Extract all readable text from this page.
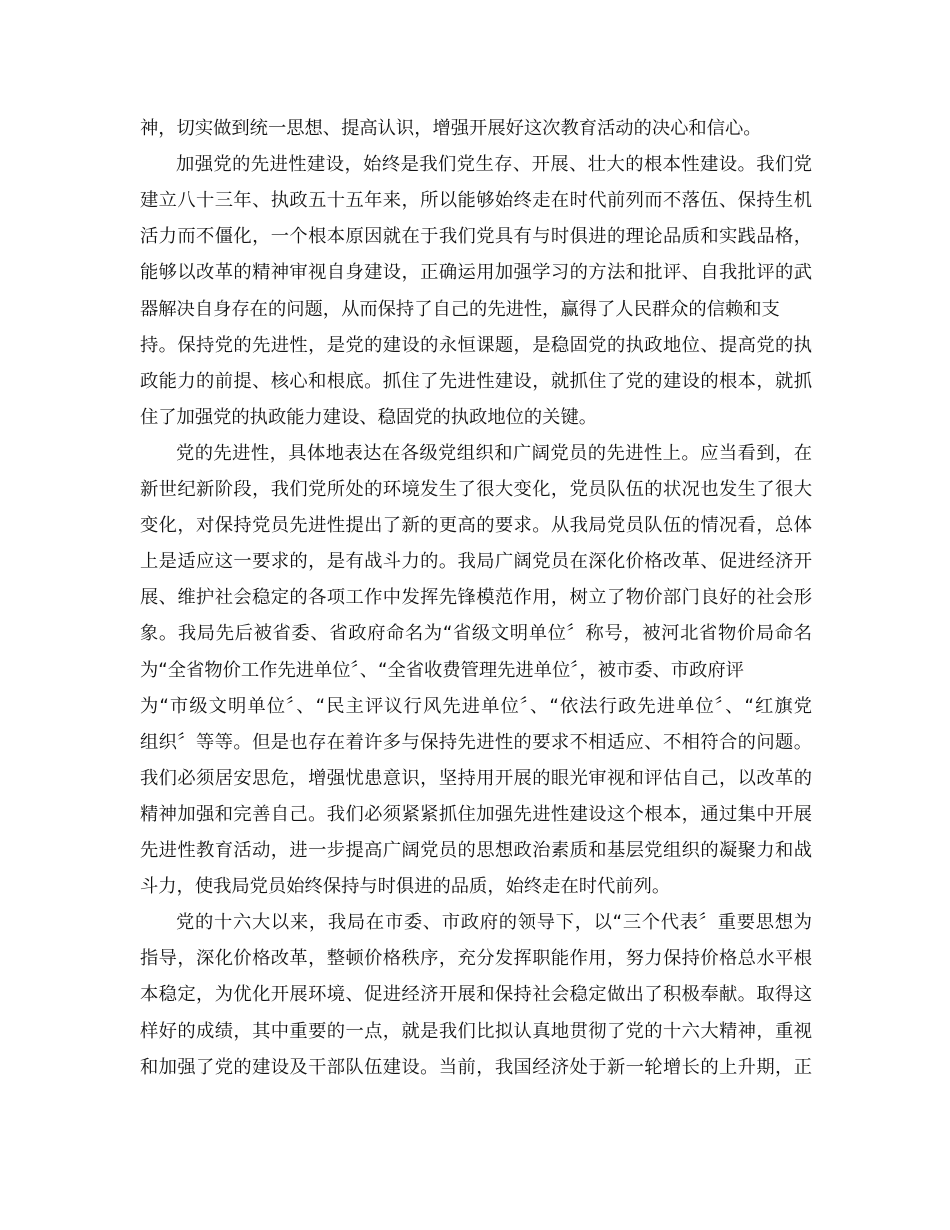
神，切实做到统一思想、提高认识，增强开展好这次教育活动的决心和信心。
加强党的先进性建设，始终是我们党生存、开展、壮大的根本性建设。我们党
建立八十三年、执政五十五年来，所以能够始终走在时代前列而不落伍、保持生机
活力而不僵化，一个根本原因就在于我们党具有与时俱进的理论品质和实践品格，
能够以改革的精神审视自身建设，正确运用加强学习的方法和批评、自我批评的武
器解决自身存在的问题，从而保持了自己的先进性，赢得了人民群众的信赖和支
持。保持党的先进性，是党的建设的永恒课题，是稳固党的执政地位、提高党的执
政能力的前提、核心和根底。抓住了先进性建设，就抓住了党的建设的根本，就抓
住了加强党的执政能力建设、稳固党的执政地位的关键。
党的先进性，具体地表达在各级党组织和广阔党员的先进性上。应当看到，在
新世纪新阶段，我们党所处的环境发生了很大变化，党员队伍的状况也发生了很大
变化，对保持党员先进性提出了新的更高的要求。从我局党员队伍的情况看，总体
上是适应这一要求的，是有战斗力的。我局广阔党员在深化价格改革、促进经济开
展、维护社会稳定的各项工作中发挥先锋模范作用，树立了物价部门良好的社会形
象。我局先后被省委、省政府命名为“省级文明单位〞称号，被河北省物价局命名
为“全省物价工作先进单位〞、“全省收费管理先进单位〞，被市委、市政府评
为“市级文明单位〞、“民主评议行风先进单位〞、“依法行政先进单位〞、“红旗党
组织〞等等。但是也存在着许多与保持先进性的要求不相适应、不相符合的问题。
我们必须居安思危，增强忧患意识，坚持用开展的眼光审视和评估自己，以改革的
精神加强和完善自己。我们必须紧紧抓住加强先进性建设这个根本，通过集中开展
先进性教育活动，进一步提高广阔党员的思想政治素质和基层党组织的凝聚力和战
斗力，使我局党员始终保持与时俱进的品质，始终走在时代前列。
党的十六大以来，我局在市委、市政府的领导下，以“三个代表〞重要思想为
指导，深化价格改革，整顿价格秩序，充分发挥职能作用，努力保持价格总水平根
本稳定，为优化开展环境、促进经济开展和保持社会稳定做出了积极奉献。取得这
样好的成绩，其中重要的一点，就是我们比拟认真地贯彻了党的十六大精神，重视
和加强了党的建设及干部队伍建设。当前，我国经济处于新一轮增长的上升期，正
